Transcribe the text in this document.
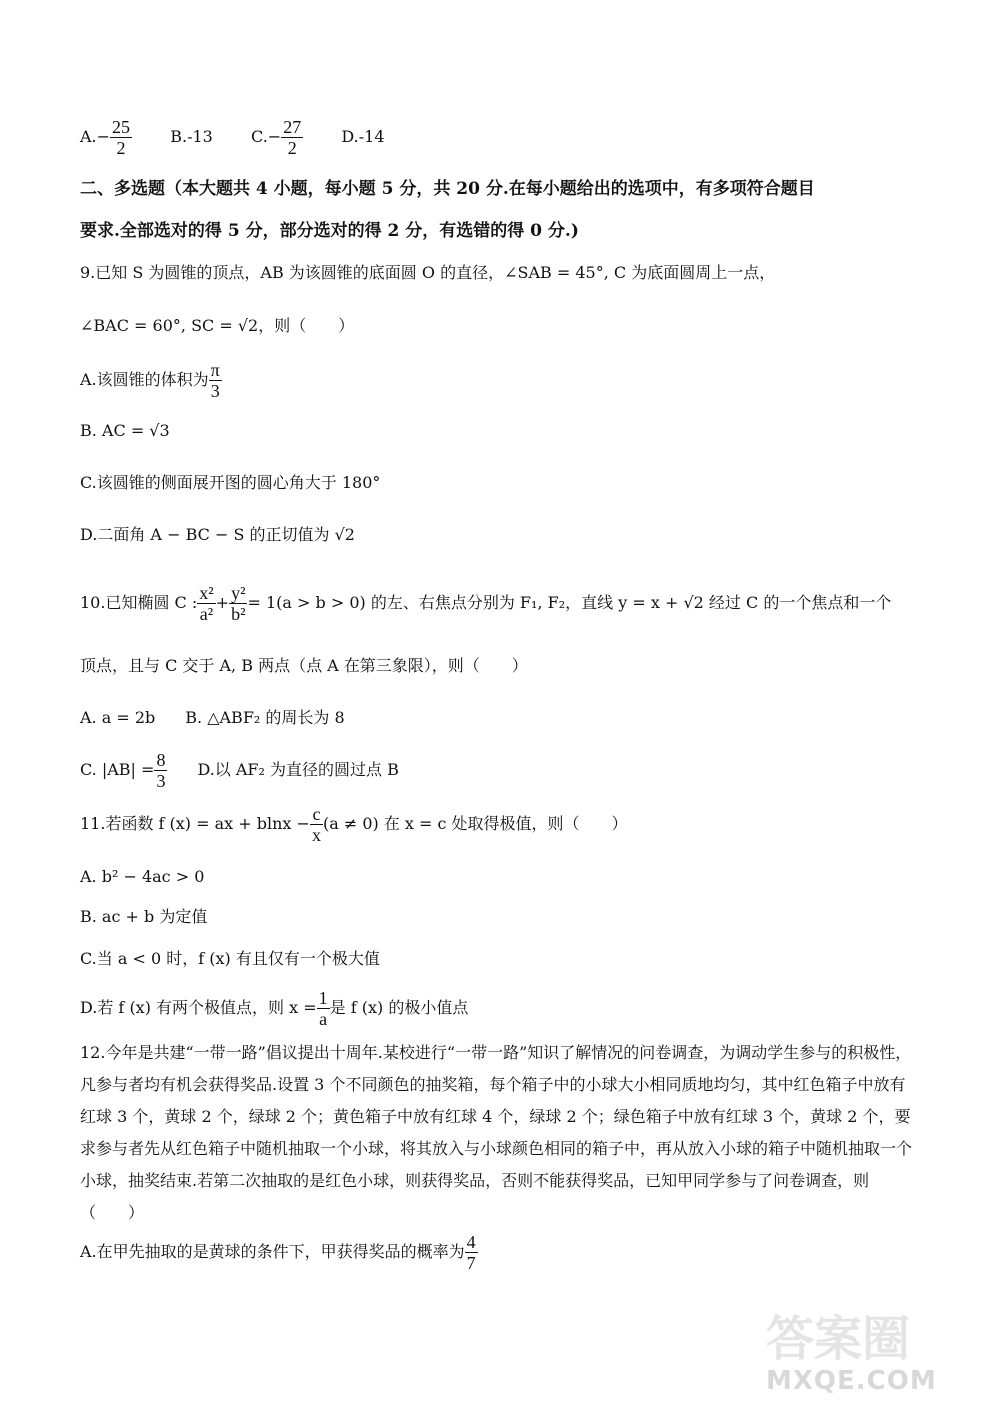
$A.- \frac{25}{2} B.-13$ $C.- \frac{27}{2} D.-14$
二、多选题（本大题共 4 小题，每小题 5 分，共 20 分.在每小题给出的选项中，有多项符合题目
要求.全部选对的得 5 分，部分选对的得 2 分，有选错的得 0 分.)
9.已知 S 为圆锥的顶点，AB 为该圆锥的底面圆 O 的直径，∠SAB = 45°, C 为底面圆周上一点，
∠BAC = 60°, SC = √2，则（　　）
A.该圆锥的体积为 $\frac{\pi}{3}$
B. AC = √3
C.该圆锥的侧面展开图的圆心角大于 180°
D.二面角 A − BC − S 的正切值为 √2
10.已知椭圆 C : $\frac{\text{x²}}{\text{a²}} + \frac{\text{y²}}{\text{b²}} = 1(a > b > 0)$ 的左、右焦点分别为 F₁, F₂，直线 y = x + √2 经过 C 的一个焦点和一个
顶点，且与 C 交于 A, B 两点（点 A 在第三象限），则（　　）
A. a = 2b B. △ABF₂ 的周长为 8
C. $|AB| = \frac{8}{3} D$.以 AF₂ 为直径的圆过点 B
11.若函数 f (x) = ax + $blnx - \frac{c}{x} (a \ne 0)$ 在 x = c 处取得极值，则（　　）
A. b² − 4ac > 0
B. ac + b 为定值
C.当 a < 0 时，f (x) 有且仅有一个极大值
D.若 f (x) 有两个极值点，则 $x = \frac{1}{a}$ 是 f (x) 的极小值点
12.今年是共建“一带一路”倡议提出十周年.某校进行“一带一路”知识了解情况的问卷调查，为调动学生参与的积极性，凡参与者均有机会获得奖品.设置 3 个不同颜色的抽奖箱，每个箱子中的小球大小相同质地均匀，其中红色箱子中放有红球 3 个，黄球 2 个，绿球 2 个；黄色箱子中放有红球 4 个，绿球 2 个；绿色箱子中放有红球 3 个，黄球 2 个，要求参与者先从红色箱子中随机抽取一个小球，将其放入与小球颜色相同的箱子中，再从放入小球的箱子中随机抽取一个小球，抽奖结束.若第二次抽取的是红色小球，则获得奖品，否则不能获得奖品，已知甲同学参与了问卷调查，则（　　）
A.在甲先抽取的是黄球的条件下，甲获得奖品的概率为 $\frac{4}{7}$
答案圈
MXQE.COM
